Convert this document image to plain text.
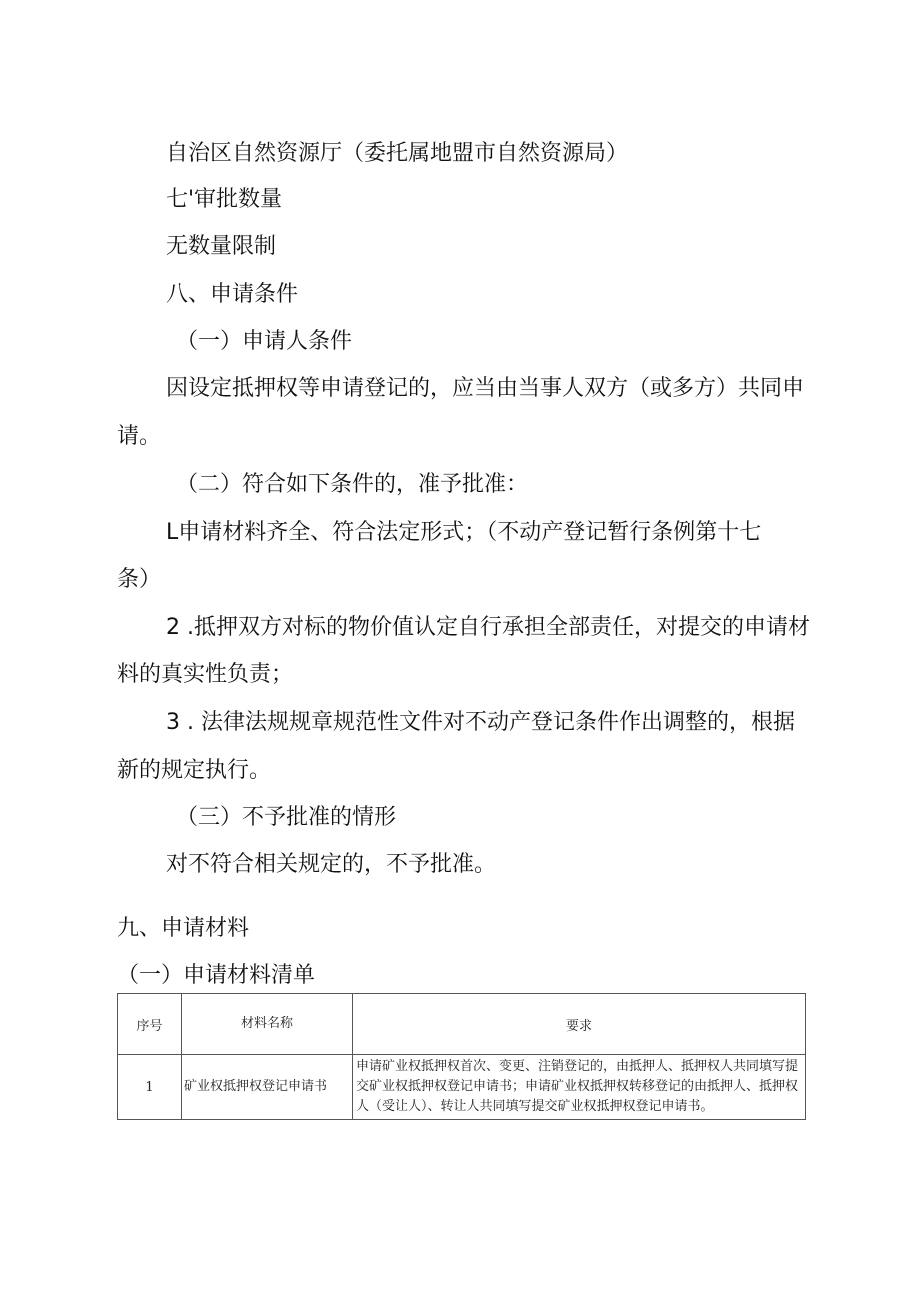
自治区自然资源厅（委托属地盟市自然资源局）
七'审批数量
无数量限制
八、申请条件
（一）申请人条件
因设定抵押权等申请登记的，应当由当事人双方（或多方）共同申
请。
（二）符合如下条件的，准予批准：
L申请材料齐全、符合法定形式；（不动产登记暂行条例第十七
条）
2 .抵押双方对标的物价值认定自行承担全部责任，对提交的申请材
料的真实性负责；
3 . 法律法规规章规范性文件对不动产登记条件作出调整的，根据
新的规定执行。
（三）不予批准的情形
对不符合相关规定的，不予批准。
九、申请材料
（一）申请材料清单
序号	材料名称	要求
1	矿业权抵押权登记申请书	申请矿业权抵押权首次、变更、注销登记的，由抵押人、抵押权人共同填写提交矿业权抵押权登记申请书；申请矿业权抵押权转移登记的由抵押人、抵押权人（受让人）、转让人共同填写提交矿业权抵押权登记申请书。
